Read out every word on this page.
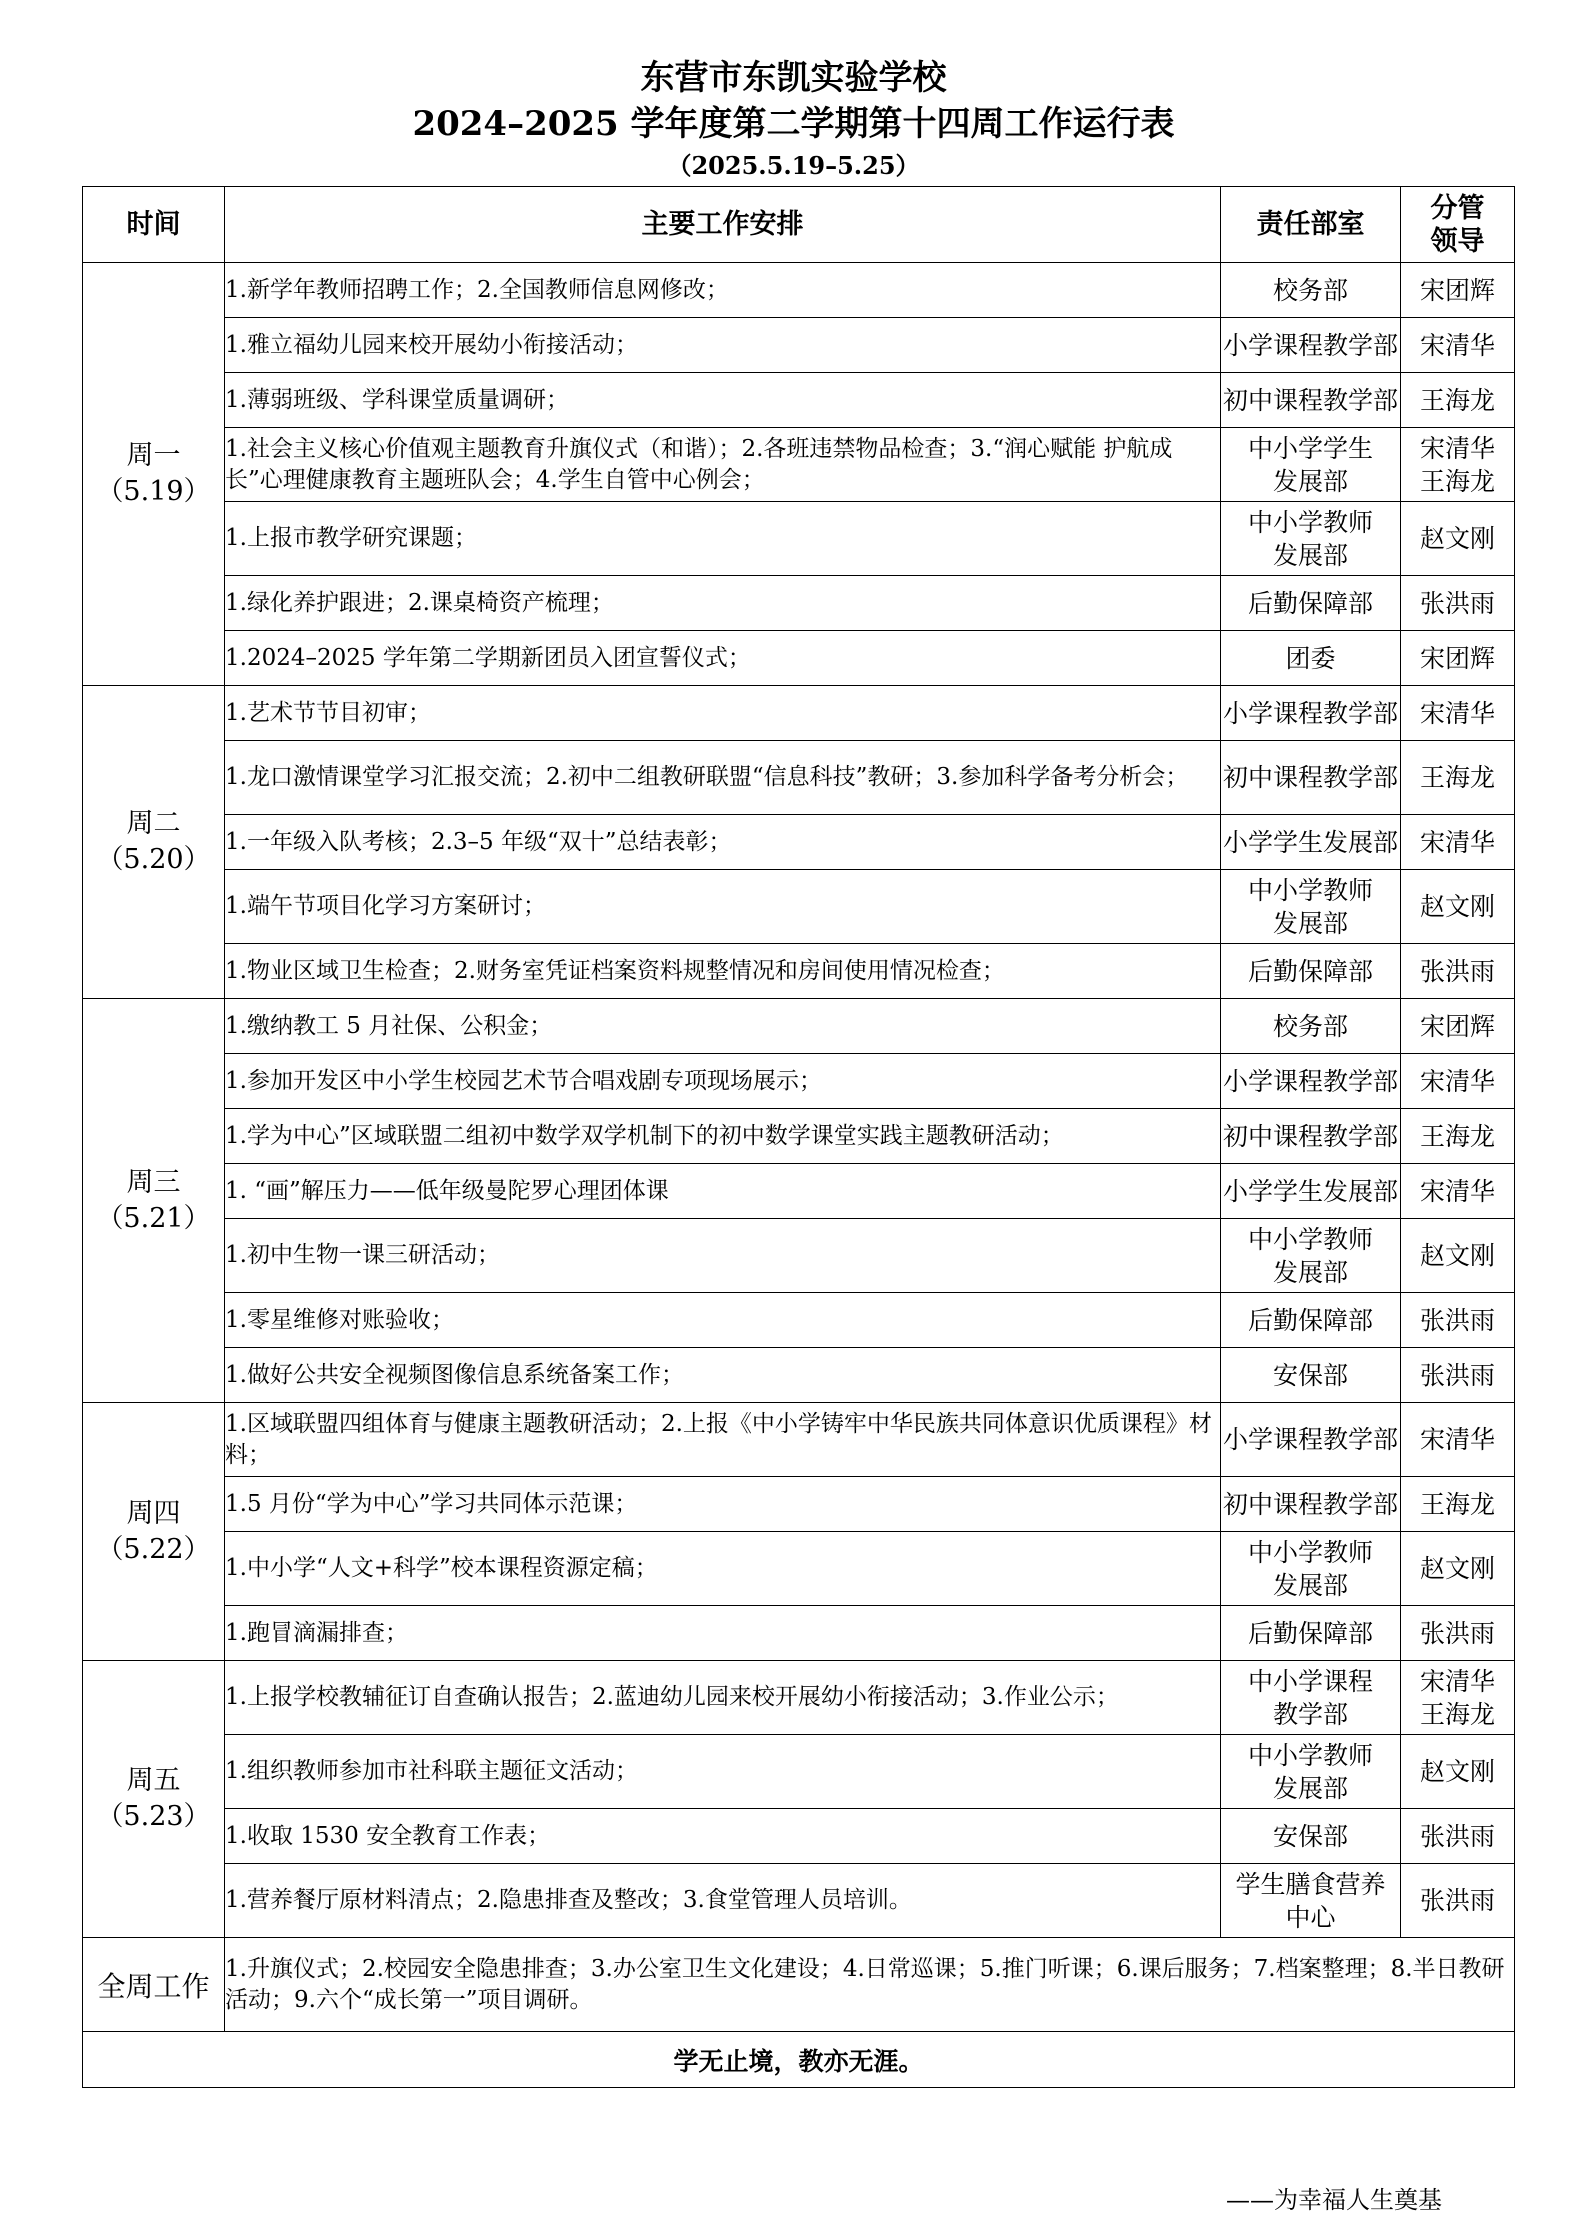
东营市东凯实验学校
2024–2025 学年度第二学期第十四周工作运行表
（2025.5.19–5.25）
时间	主要工作安排	责任部室	分管
领导

周一
（5.19）	1.新学年教师招聘工作；2.全国教师信息网修改；	校务部	宋团辉

	1.雅立福幼儿园来校开展幼小衔接活动；	小学课程教学部	宋清华

	1.薄弱班级、学科课堂质量调研；	初中课程教学部	王海龙

	1.社会主义核心价值观主题教育升旗仪式（和谐）；2.各班违禁物品检查；3.“润心赋能 护航成长”心理健康教育主题班队会；4.学生自管中心例会；	中小学学生
发展部	宋清华
王海龙

	1.上报市教学研究课题；	中小学教师
发展部	赵文刚

	1.绿化养护跟进；2.课桌椅资产梳理；	后勤保障部	张洪雨

	1.2024–2025 学年第二学期新团员入团宣誓仪式；	团委	宋团辉

周二
（5.20）	1.艺术节节目初审；	小学课程教学部	宋清华

	1.龙口激情课堂学习汇报交流；2.初中二组教研联盟“信息科技”教研；3.参加科学备考分析会；	初中课程教学部	王海龙

	1.一年级入队考核；2.3–5 年级“双十”总结表彰；	小学学生发展部	宋清华

	1.端午节项目化学习方案研讨；	中小学教师
发展部	赵文刚

	1.物业区域卫生检查；2.财务室凭证档案资料规整情况和房间使用情况检查；	后勤保障部	张洪雨

周三
（5.21）	1.缴纳教工 5 月社保、公积金；	校务部	宋团辉

	1.参加开发区中小学生校园艺术节合唱戏剧专项现场展示；	小学课程教学部	宋清华

	1.学为中心”区域联盟二组初中数学双学机制下的初中数学课堂实践主题教研活动；	初中课程教学部	王海龙

	1. “画”解压力——低年级曼陀罗心理团体课	小学学生发展部	宋清华

	1.初中生物一课三研活动；	中小学教师
发展部	赵文刚

	1.零星维修对账验收；	后勤保障部	张洪雨

	1.做好公共安全视频图像信息系统备案工作；	安保部	张洪雨

周四
（5.22）	1.区域联盟四组体育与健康主题教研活动；2.上报《中小学铸牢中华民族共同体意识优质课程》材料；	小学课程教学部	宋清华

	1.5 月份“学为中心”学习共同体示范课；	初中课程教学部	王海龙

	1.中小学“人文+科学”校本课程资源定稿；	中小学教师
发展部	赵文刚

	1.跑冒滴漏排查；	后勤保障部	张洪雨

周五
（5.23）	1.上报学校教辅征订自查确认报告；2.蓝迪幼儿园来校开展幼小衔接活动；3.作业公示；	中小学课程
教学部	宋清华
王海龙

	1.组织教师参加市社科联主题征文活动；	中小学教师
发展部	赵文刚

	1.收取 1530 安全教育工作表；	安保部	张洪雨

	1.营养餐厅原材料清点；2.隐患排查及整改；3.食堂管理人员培训。	学生膳食营养
中心	张洪雨

全周工作	1.升旗仪式；2.校园安全隐患排查；3.办公室卫生文化建设；4.日常巡课；5.推门听课；6.课后服务；7.档案整理；8.半日教研活动；9.六个“成长第一”项目调研。		
学无止境，教亦无涯。			
——为幸福人生奠基
